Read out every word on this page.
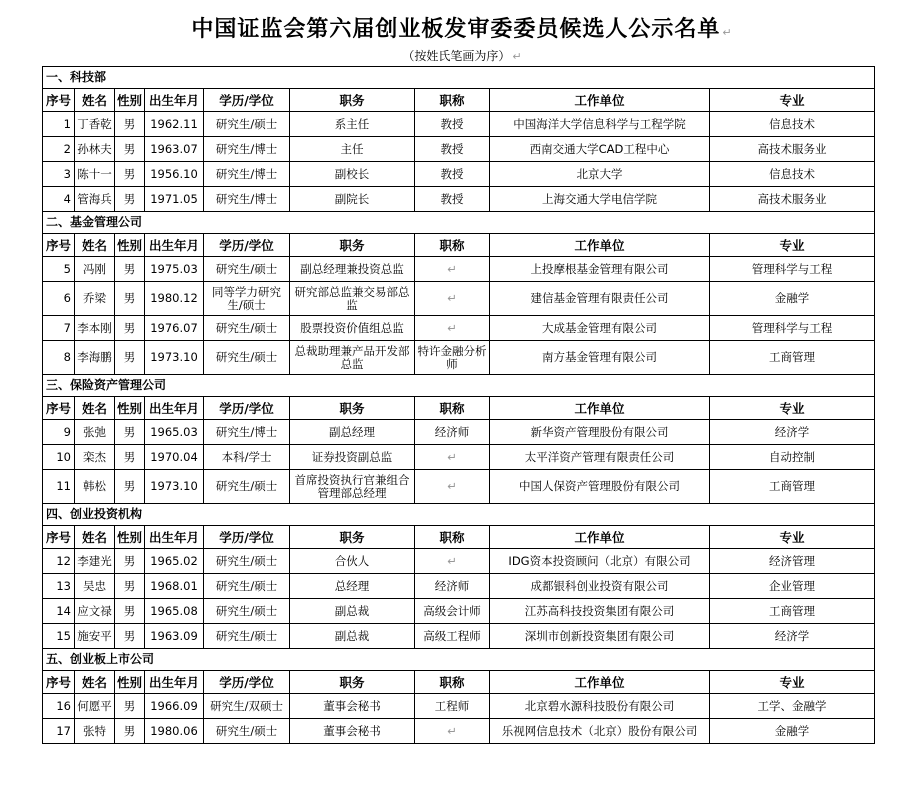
中国证监会第六届创业板发审委委员候选人公示名单 ↵
（按姓氏笔画为序） ↵
一、科技部								
序号	姓名	性别	出生年月	学历/学位	职务	职称	工作单位	专业
1	丁香乾	男	1962.11	研究生/硕士	系主任	教授	中国海洋大学信息科学与工程学院	信息技术
2	孙林夫	男	1963.07	研究生/博士	主任	教授	西南交通大学CAD工程中心	高技术服务业
3	陈十一	男	1956.10	研究生/博士	副校长	教授	北京大学	信息技术
4	管海兵	男	1971.05	研究生/博士	副院长	教授	上海交通大学电信学院	高技术服务业
二、基金管理公司								
序号	姓名	性别	出生年月	学历/学位	职务	职称	工作单位	专业
5	冯刚	男	1975.03	研究生/硕士	副总经理兼投资总监	↵	上投摩根基金管理有限公司	管理科学与工程
6	乔梁	男	1980.12	同等学力研究生/硕士	研究部总监兼交易部总监	↵	建信基金管理有限责任公司	金融学
7	李本刚	男	1976.07	研究生/硕士	股票投资价值组总监	↵	大成基金管理有限公司	管理科学与工程
8	李海鹏	男	1973.10	研究生/硕士	总裁助理兼产品开发部总监	特许金融分析师	南方基金管理有限公司	工商管理
三、保险资产管理公司								
序号	姓名	性别	出生年月	学历/学位	职务	职称	工作单位	专业
9	张弛	男	1965.03	研究生/博士	副总经理	经济师	新华资产管理股份有限公司	经济学
10	栾杰	男	1970.04	本科/学士	证券投资副总监	↵	太平洋资产管理有限责任公司	自动控制
11	韩松	男	1973.10	研究生/硕士	首席投资执行官兼组合管理部总经理	↵	中国人保资产管理股份有限公司	工商管理
四、创业投资机构								
序号	姓名	性别	出生年月	学历/学位	职务	职称	工作单位	专业
12	李建光	男	1965.02	研究生/硕士	合伙人	↵	IDG资本投资顾问（北京）有限公司	经济管理
13	吴忠	男	1968.01	研究生/硕士	总经理	经济师	成都银科创业投资有限公司	企业管理
14	应文禄	男	1965.08	研究生/硕士	副总裁	高级会计师	江苏高科技投资集团有限公司	工商管理
15	施安平	男	1963.09	研究生/硕士	副总裁	高级工程师	深圳市创新投资集团有限公司	经济学
五、创业板上市公司								
序号	姓名	性别	出生年月	学历/学位	职务	职称	工作单位	专业
16	何愿平	男	1966.09	研究生/双硕士	董事会秘书	工程师	北京碧水源科技股份有限公司	工学、金融学
17	张特	男	1980.06	研究生/硕士	董事会秘书	↵	乐视网信息技术（北京）股份有限公司	金融学
